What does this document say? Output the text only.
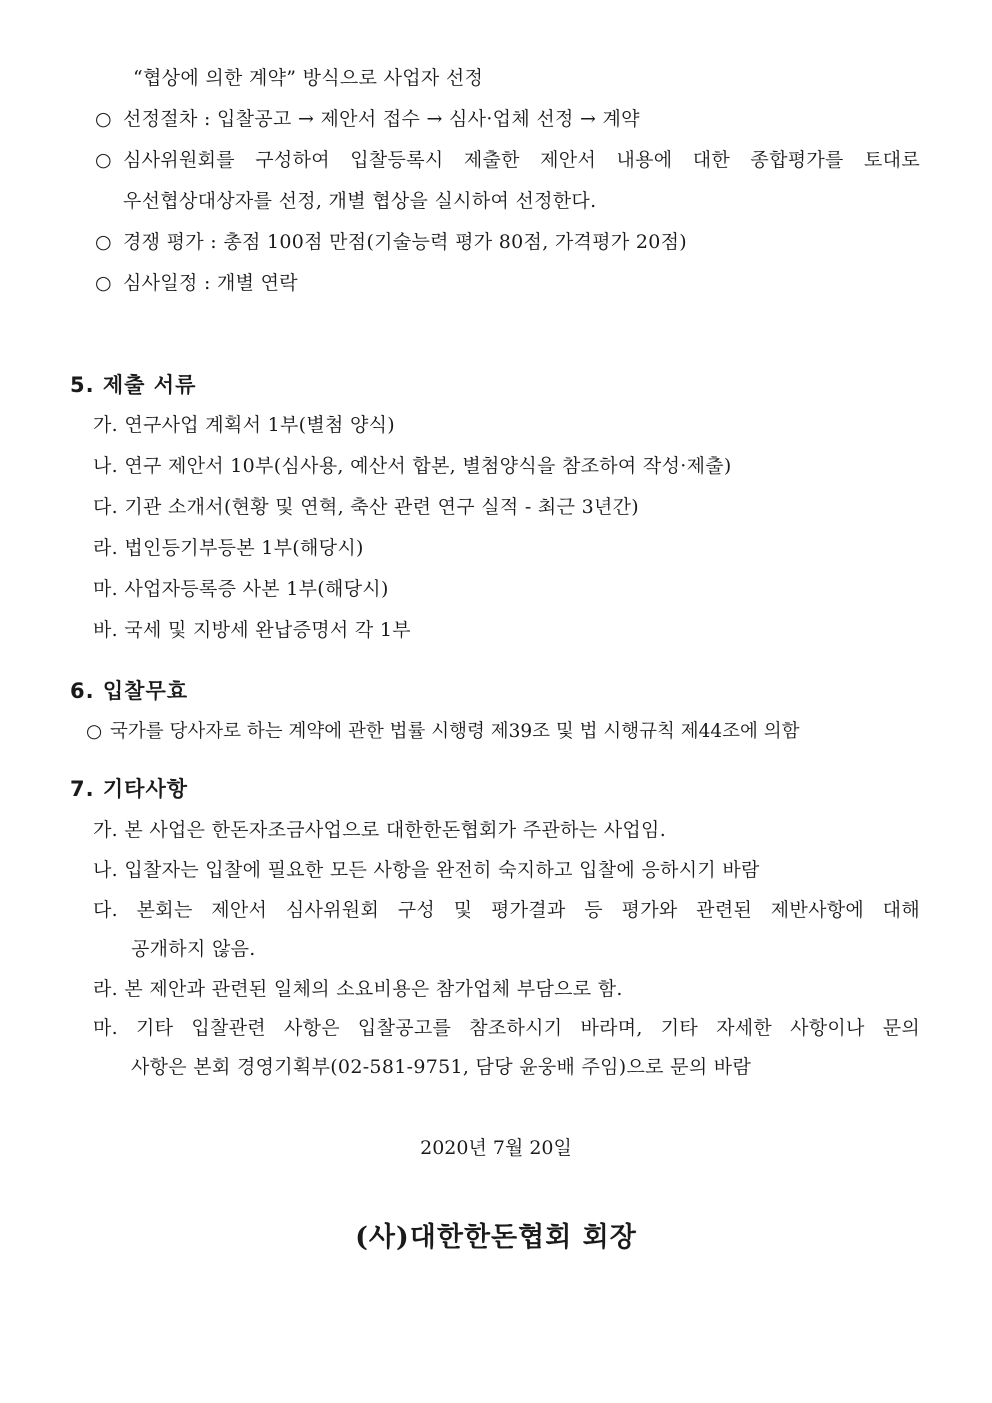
“협상에 의한 계약” 방식으로 사업자 선정
○ 선정절차 : 입찰공고 → 제안서 접수 → 심사·업체 선정 → 계약
○ 심사위원회를 구성하여 입찰등록시 제출한 제안서 내용에 대한 종합평가를 토대로
우선협상대상자를 선정, 개별 협상을 실시하여 선정한다.
○ 경쟁 평가 : 총점 100점 만점(기술능력 평가 80점, 가격평가 20점)
○ 심사일정 : 개별 연락
5. 제출 서류
가. 연구사업 계획서 1부(별첨 양식)
나. 연구 제안서 10부(심사용, 예산서 합본, 별첨양식을 참조하여 작성·제출)
다. 기관 소개서(현황 및 연혁, 축산 관련 연구 실적 - 최근 3년간)
라. 법인등기부등본 1부(해당시)
마. 사업자등록증 사본 1부(해당시)
바. 국세 및 지방세 완납증명서 각 1부
6. 입찰무효
○ 국가를 당사자로 하는 계약에 관한 법률 시행령 제39조 및 법 시행규칙 제44조에 의함
7. 기타사항
가. 본 사업은 한돈자조금사업으로 대한한돈협회가 주관하는 사업임.
나. 입찰자는 입찰에 필요한 모든 사항을 완전히 숙지하고 입찰에 응하시기 바람
다. 본회는 제안서 심사위원회 구성 및 평가결과 등 평가와 관련된 제반사항에 대해
공개하지 않음.
라. 본 제안과 관련된 일체의 소요비용은 참가업체 부담으로 함.
마. 기타 입찰관련 사항은 입찰공고를 참조하시기 바라며, 기타 자세한 사항이나 문의
사항은 본회 경영기획부(02-581-9751, 담당 윤웅배 주임)으로 문의 바람
2020년 7월 20일
(사)대한한돈협회 회장
